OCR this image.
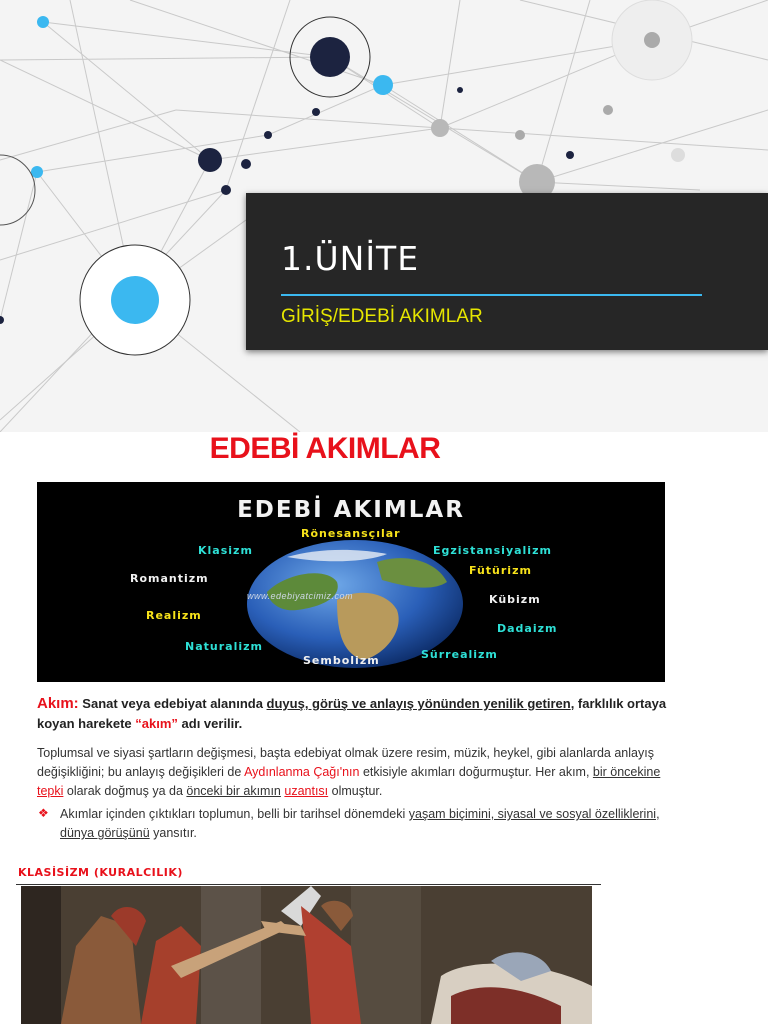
1.ÜNİTE
GİRİŞ/EDEBİ AKIMLAR
EDEBİ AKIMLAR
EDEBİ AKIMLAR
Rönesansçılar
Klasizm	Egzistansiyalizm
Romantizm
Fütürizm
Kübizm
Realizm
Dadaizm
Naturalizm
Sürrealizm
Sembolizm
www.edebiyatcimiz.com
Akım: Sanat veya edebiyat alanında duyuş, görüş ve anlayış yönünden yenilik getiren, farklılık ortaya koyan harekete “akım” adı verilir.
Toplumsal ve siyasi şartların değişmesi, başta edebiyat olmak üzere resim, müzik, heykel, gibi alanlarda anlayış değişikliğini; bu anlayış değişikleri de Aydınlanma Çağı'nın etkisiyle akımları doğurmuştur. Her akım, bir öncekine tepki olarak doğmuş ya da önceki bir akımın uzantısı olmuştur.
❖ Akımlar içinden çıktıkları toplumun, belli bir tarihsel dönemdeki yaşam biçimini, siyasal ve sosyal özelliklerini, dünya görüşünü yansıtır.
KLASİSİZM (KURALCILIK)
